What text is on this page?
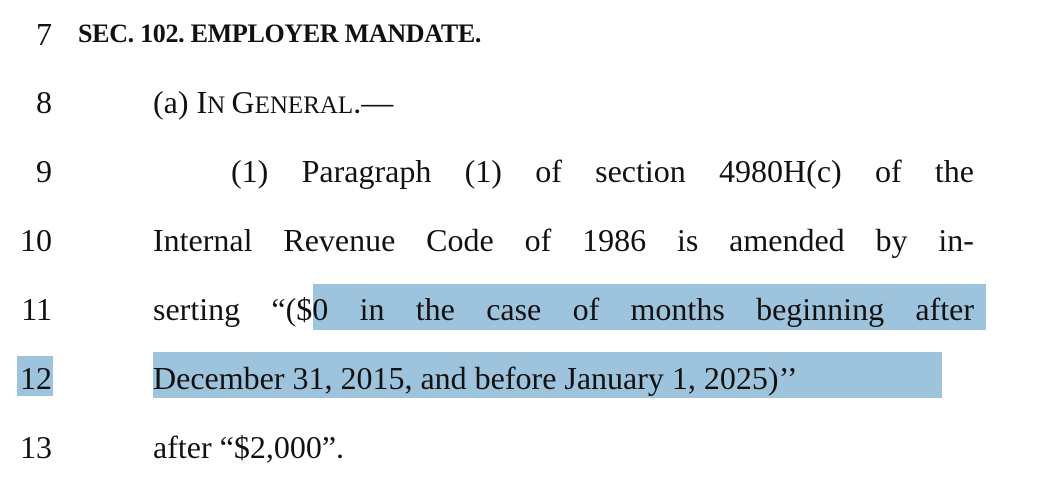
7
8
9
10
11
12
13
SEC. 102. EMPLOYER MANDATE.
(a) IN GENERAL.—
(1) Paragraph (1) of section 4980H(c) of the
Internal Revenue Code of 1986 is amended by in-
serting “($0 in the case of months beginning after
December 31, 2015, and before January 1, 2025)’’
after “$2,000”.
